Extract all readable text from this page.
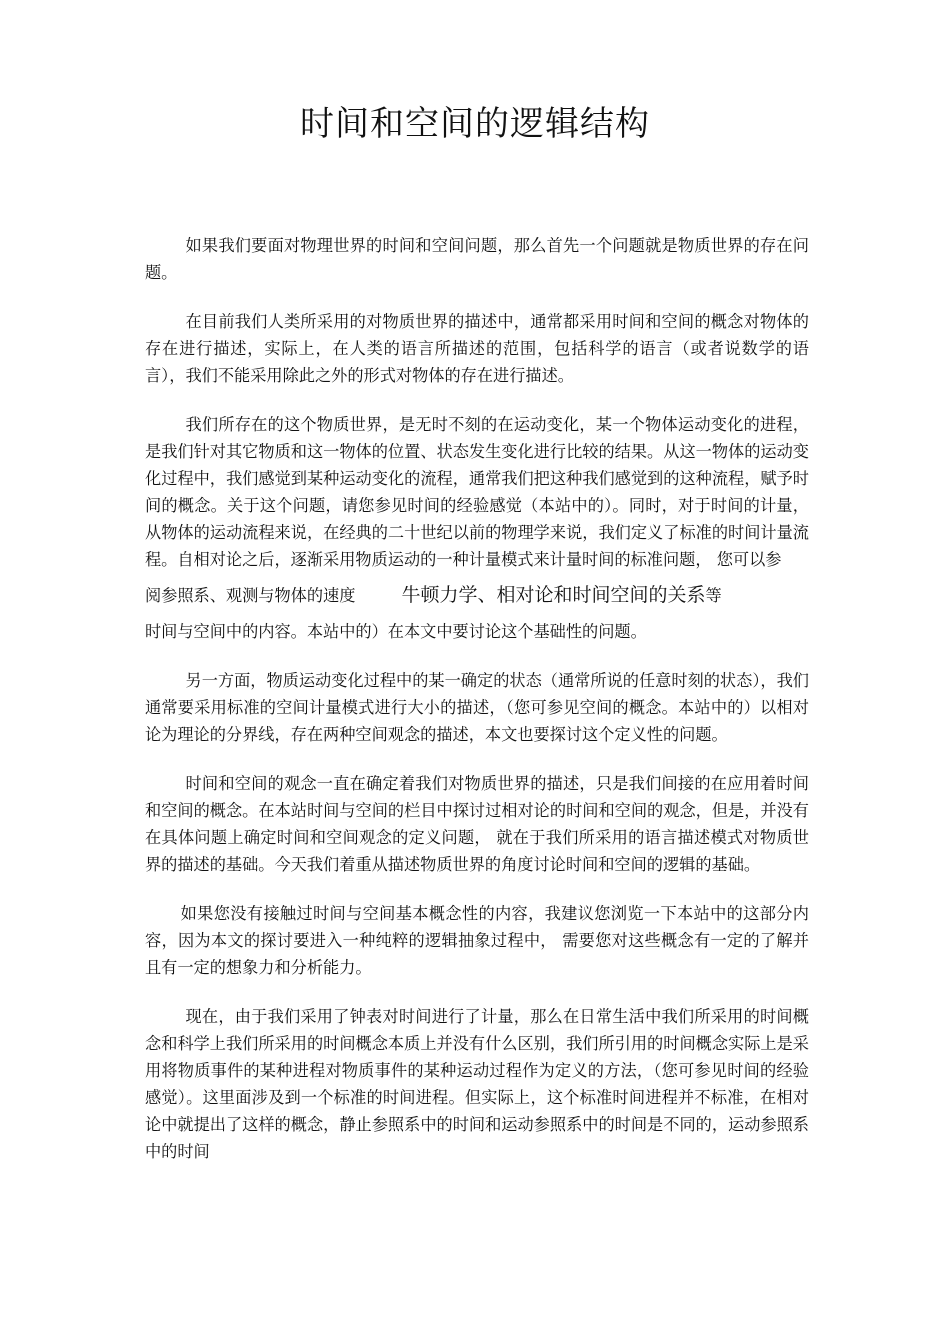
时间和空间的逻辑结构

如果我们要面对物理世界的时间和空间问题，那么首先一个问题就是物质世界的存在问题。

在目前我们人类所采用的对物质世界的描述中，通常都采用时间和空间的概念对物体的存在进行描述，实际上，在人类的语言所描述的范围，包括科学的语言（或者说数学的语言），我们不能采用除此之外的形式对物体的存在进行描述。

我们所存在的这个物质世界，是无时不刻的在运动变化，某一个物体运动变化的进程，是我们针对其它物质和这一物体的位置、状态发生变化进行比较的结果。从这一物体的运动变化过程中，我们感觉到某种运动变化的流程，通常我们把这种我们感觉到的这种流程，赋予时间的概念。关于这个问题，请您参见时间的经验感觉（本站中的）。同时，对于时间的计量，从物体的运动流程来说，在经典的二十世纪以前的物理学来说，我们定义了标准的时间计量流程。自相对论之后，逐渐采用物质运动的一种计量模式来计量时间的标准问题， 您可以参
阅参照系、观测与物体的速度 牛顿力学、相对论和时间空间的关系等
时间与空间中的内容。本站中的）在本文中要讨论这个基础性的问题。

另一方面，物质运动变化过程中的某一确定的状态（通常所说的任意时刻的状态），我们通常要采用标准的空间计量模式进行大小的描述，（您可参见空间的概念。本站中的）以相对论为理论的分界线，存在两种空间观念的描述，本文也要探讨这个定义性的问题。

时间和空间的观念一直在确定着我们对物质世界的描述，只是我们间接的在应用着时间和空间的概念。在本站时间与空间的栏目中探讨过相对论的时间和空间的观念，但是，并没有在具体问题上确定时间和空间观念的定义问题， 就在于我们所采用的语言描述模式对物质世界的描述的基础。今天我们着重从描述物质世界的角度讨论时间和空间的逻辑的基础。

如果您没有接触过时间与空间基本概念性的内容，我建议您浏览一下本站中的这部分内容，因为本文的探讨要进入一种纯粹的逻辑抽象过程中， 需要您对这些概念有一定的了解并且有一定的想象力和分析能力。

现在，由于我们采用了钟表对时间进行了计量，那么在日常生活中我们所采用的时间概念和科学上我们所采用的时间概念本质上并没有什么区别，我们所引用的时间概念实际上是采用将物质事件的某种进程对物质事件的某种运动过程作为定义的方法，（您可参见时间的经验感觉）。这里面涉及到一个标准的时间进程。但实际上，这个标准时间进程并不标准，在相对论中就提出了这样的概念，静止参照系中的时间和运动参照系中的时间是不同的，运动参照系中的时间
